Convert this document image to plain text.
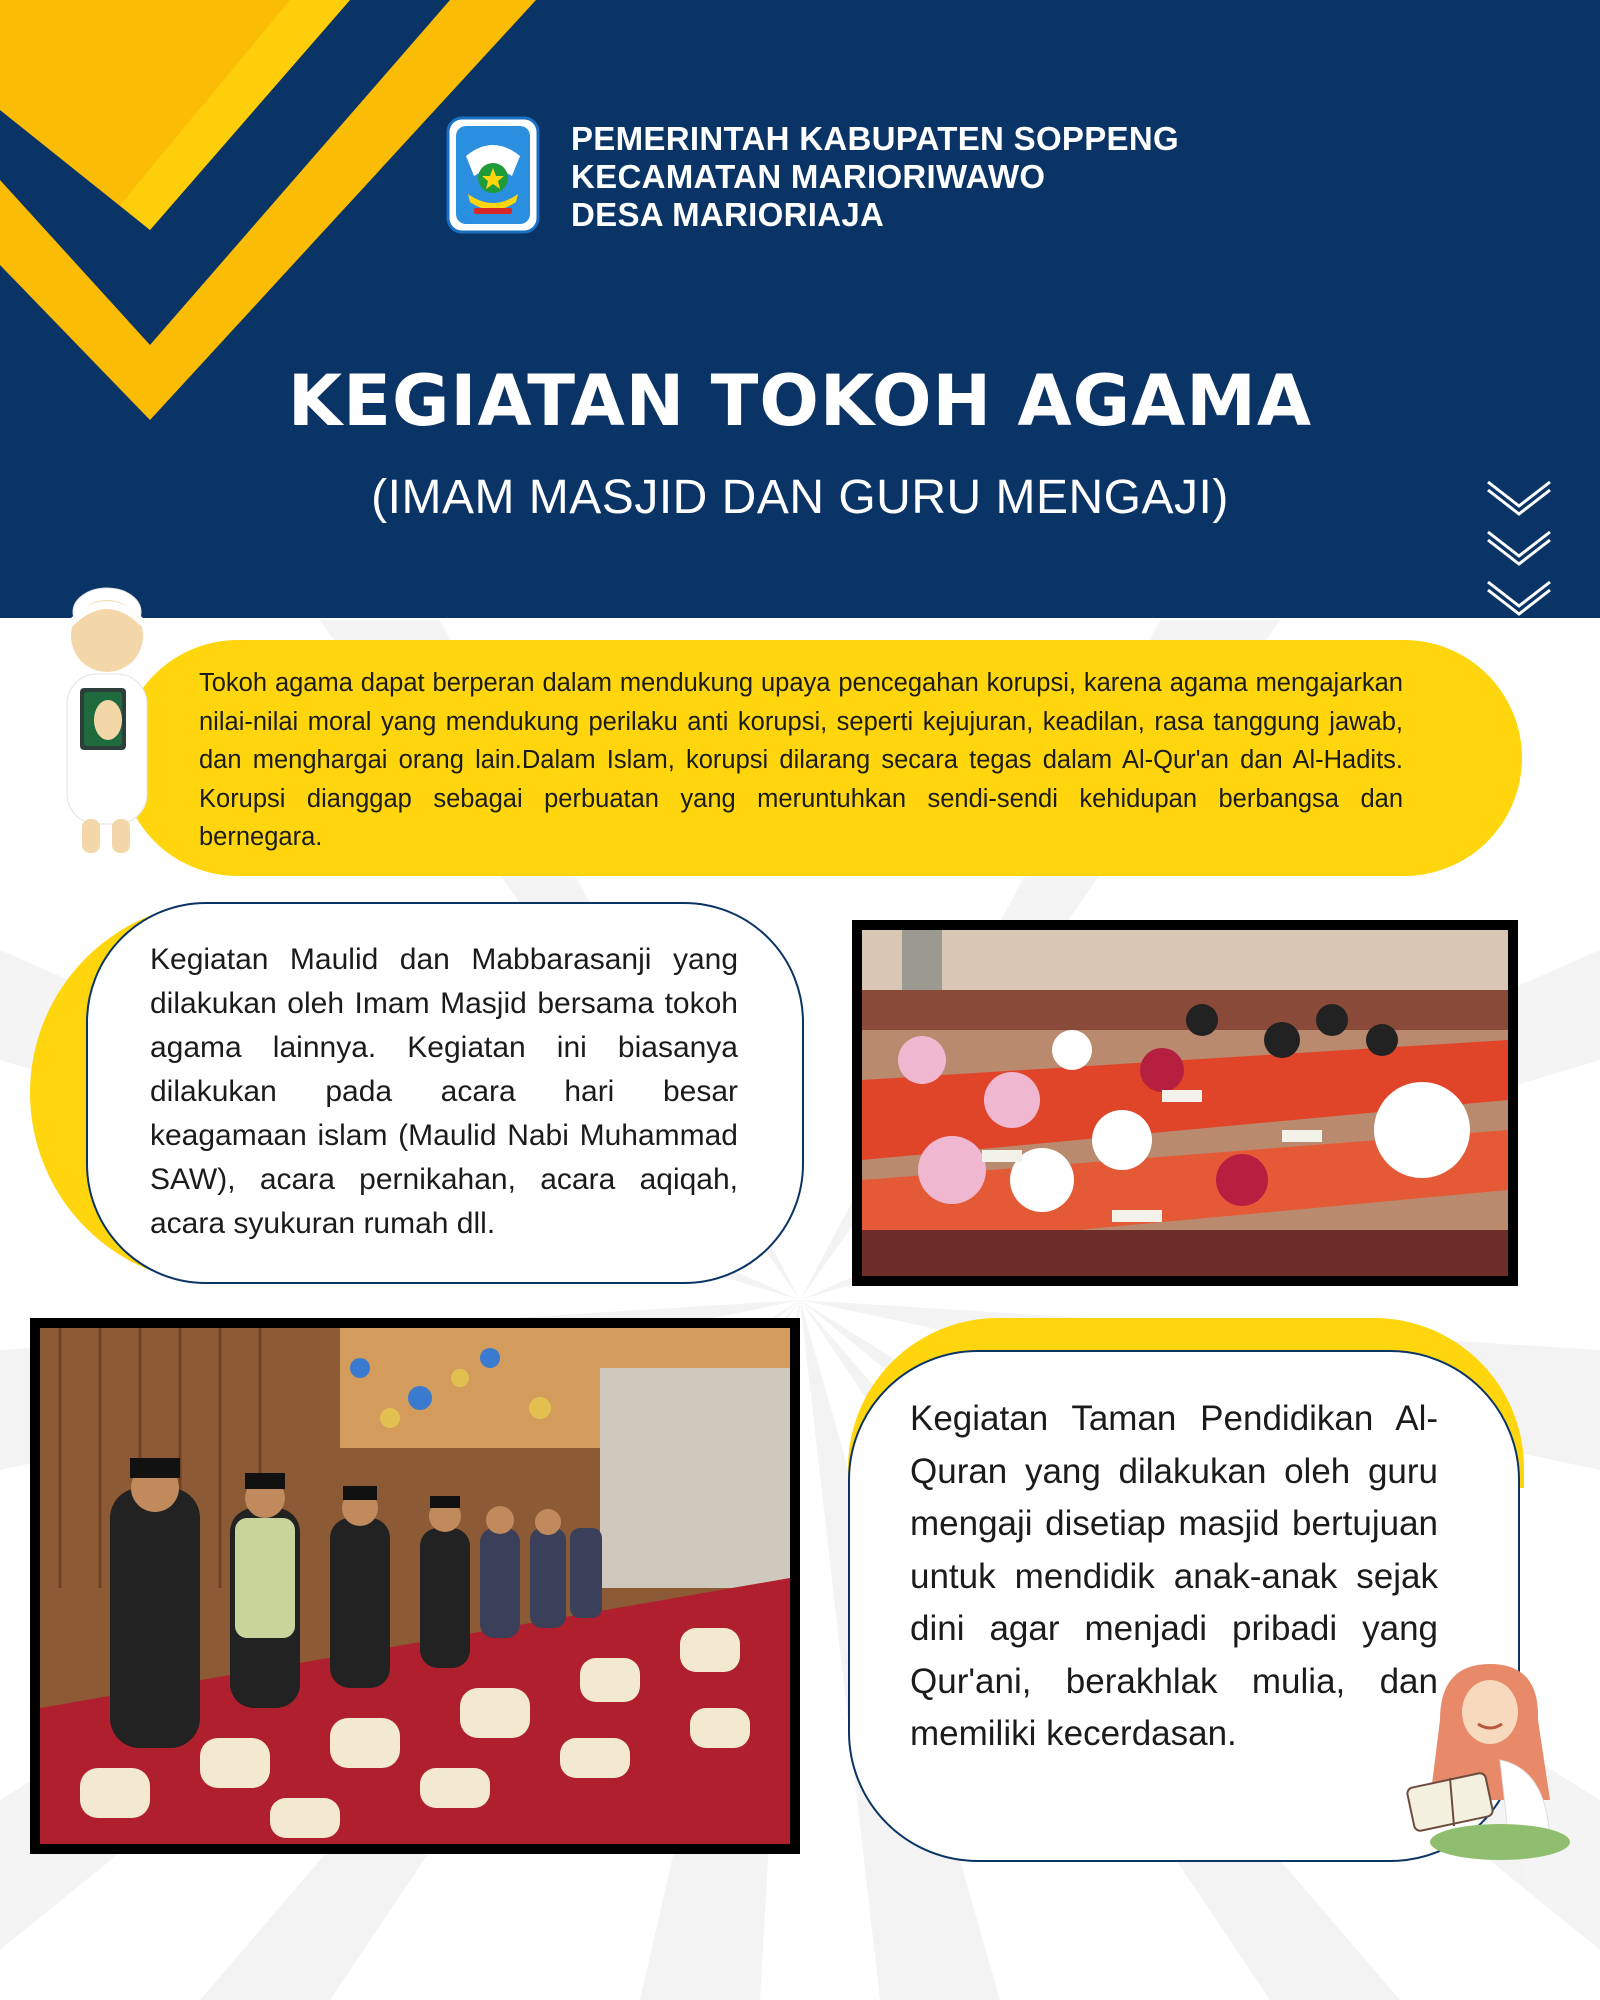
PEMERINTAH KABUPATEN SOPPENG
KECAMATAN MARIORIWAWO
DESA MARIORIAJA
KEGIATAN TOKOH AGAMA
(IMAM MASJID DAN GURU MENGAJI)
Tokoh agama dapat berperan dalam mendukung upaya pencegahan korupsi, karena agama mengajarkan nilai-nilai moral yang mendukung perilaku anti korupsi, seperti kejujuran, keadilan, rasa tanggung jawab, dan menghargai orang lain.Dalam Islam, korupsi dilarang secara tegas dalam Al-Qur'an dan Al-Hadits. Korupsi dianggap sebagai perbuatan yang meruntuhkan sendi-sendi kehidupan berbangsa dan bernegara.
Kegiatan Maulid dan Mabbarasanji yang dilakukan oleh Imam Masjid bersama tokoh agama lainnya. Kegiatan ini biasanya dilakukan pada acara hari besar keagamaan islam (Maulid Nabi Muhammad SAW), acara pernikahan, acara aqiqah, acara syukuran rumah dll.
Kegiatan Taman Pendidikan Al-Quran yang dilakukan oleh guru mengaji disetiap masjid bertujuan untuk mendidik anak-anak sejak dini agar menjadi pribadi yang Qur'ani, berakhlak mulia, dan memiliki kecerdasan.
